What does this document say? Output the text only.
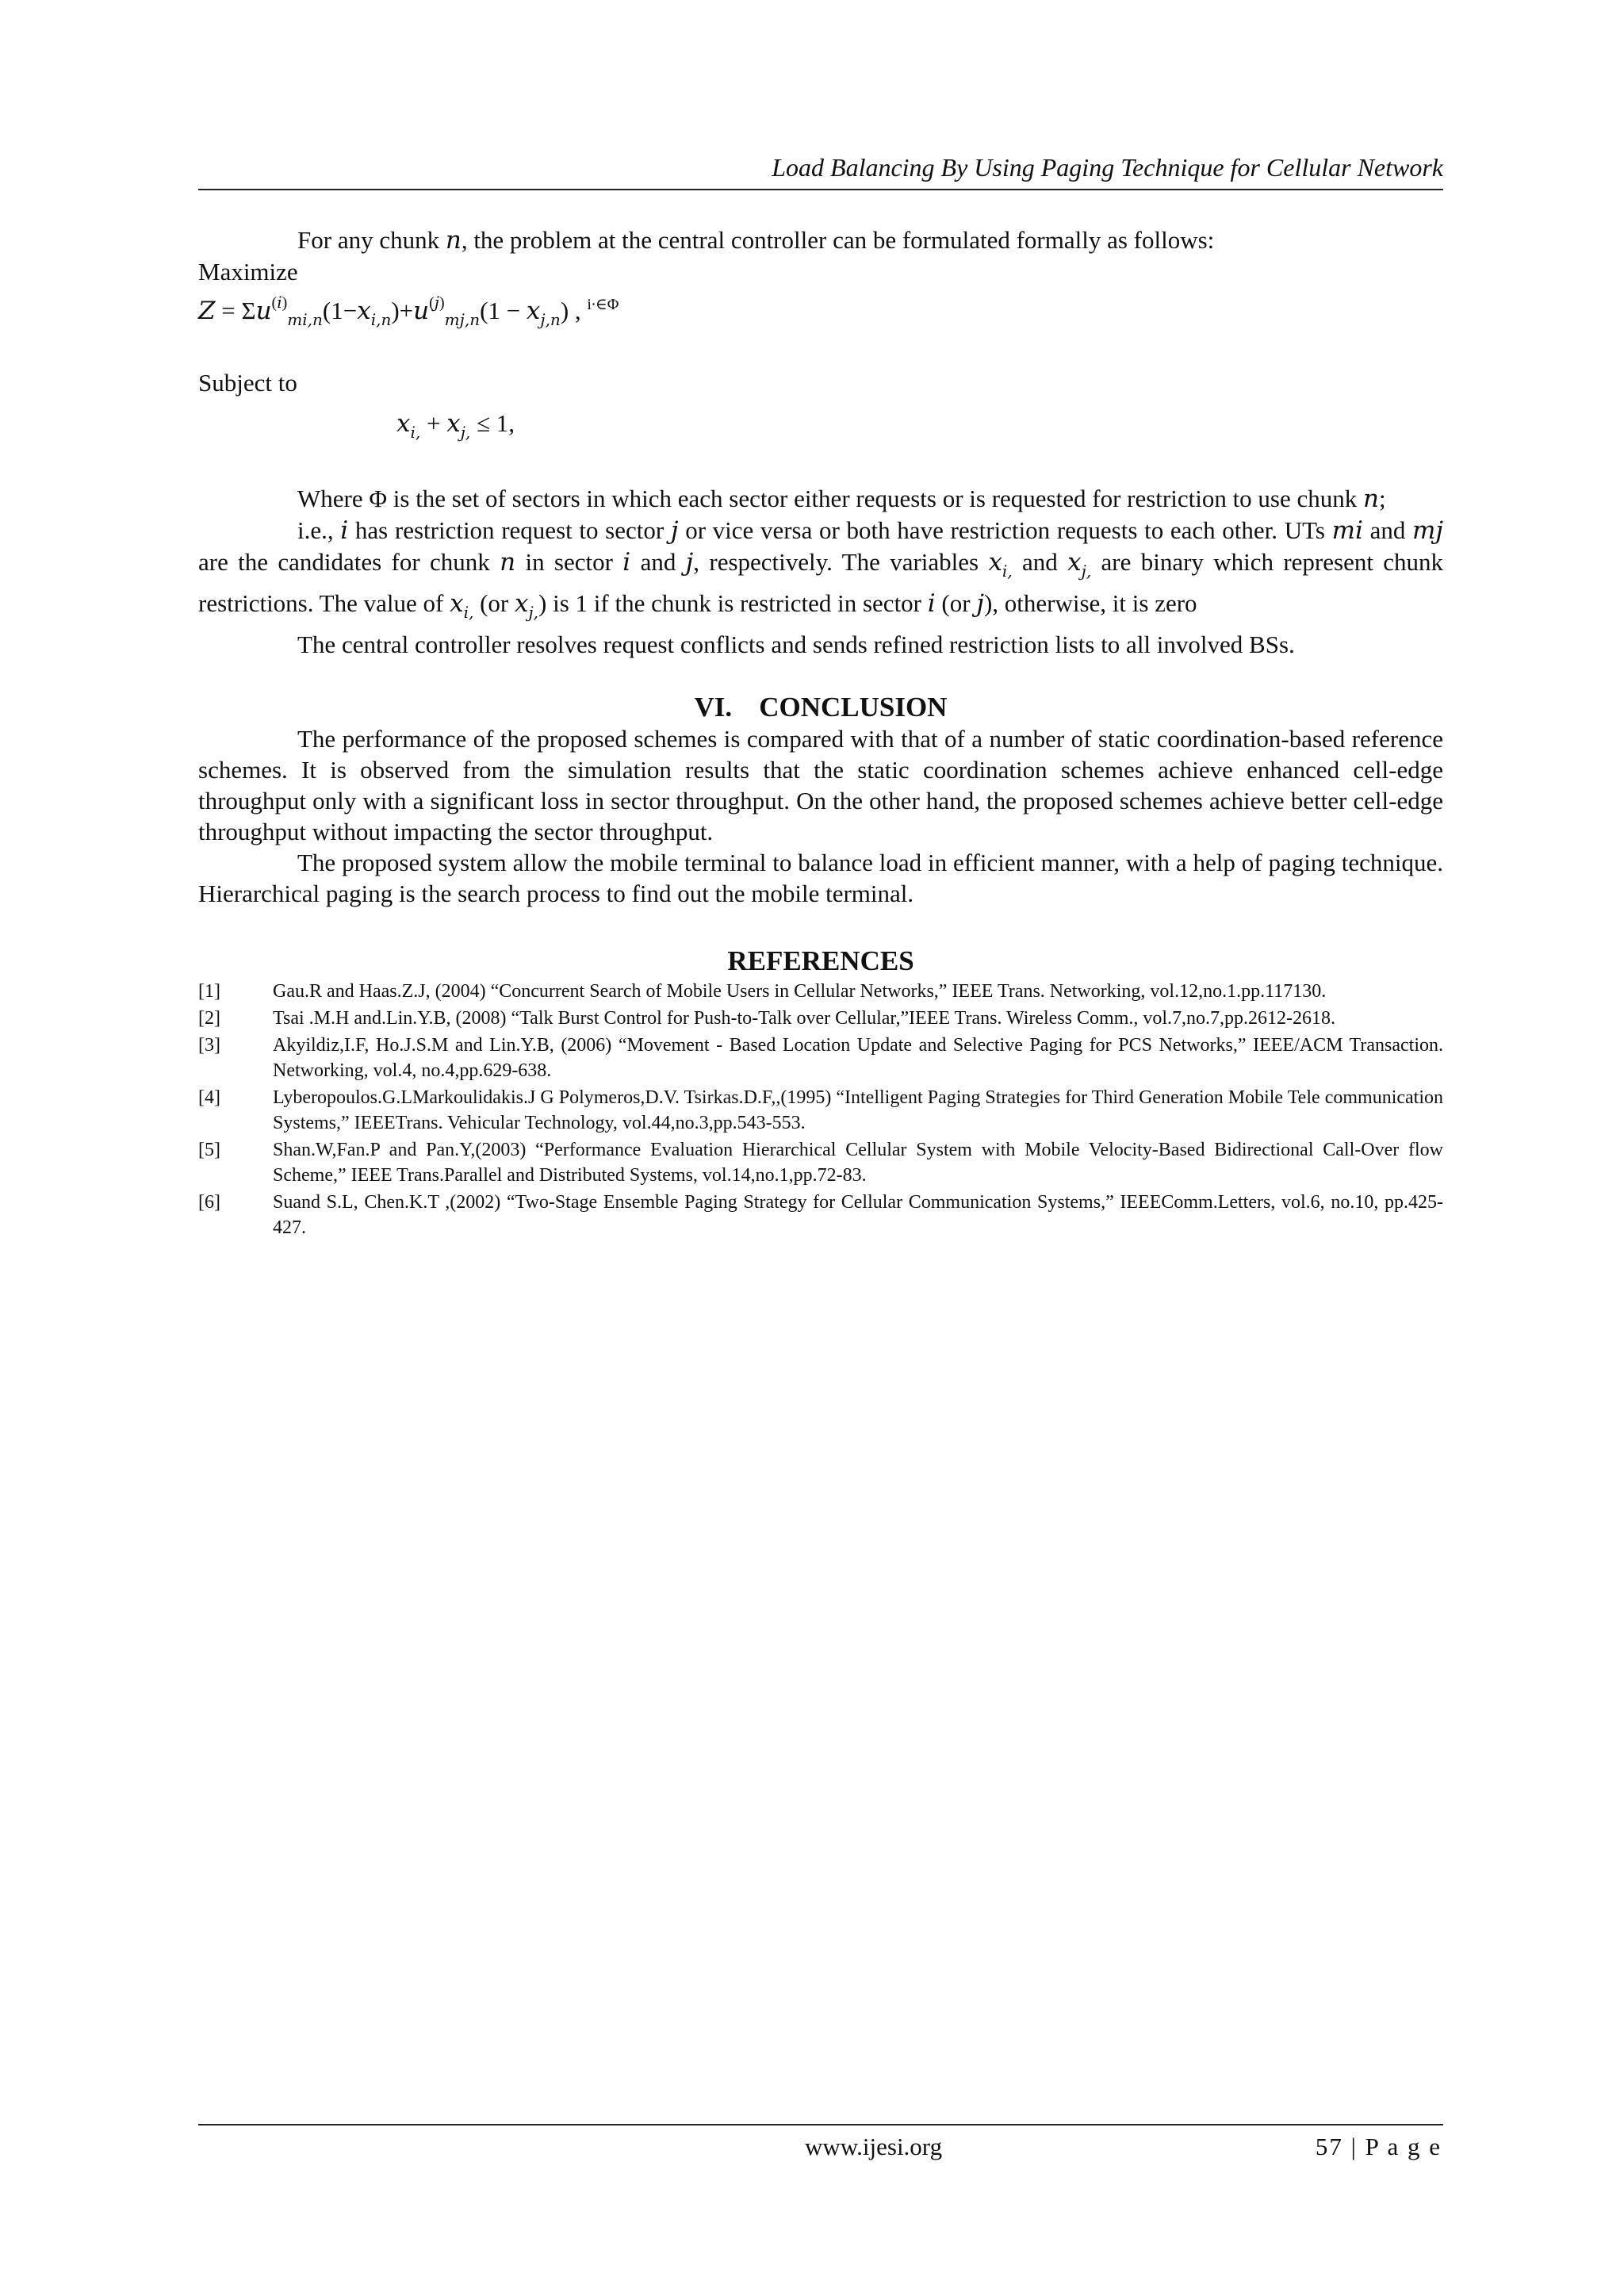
Load Balancing By Using Paging Technique for Cellular Network

For any chunk n, the problem at the central controller can be formulated formally as follows:

Maximize

$Z = \Sigma u^{(i)}_{mi,n}(1-x_{i,n})+u^{(j)}_{mj,n}(1 - x_{j,n})$ , $^{i\cdot\in\Phi}$

Subject to

$x_{i,} + x_{j,} \le 1$,

Where Φ is the set of sectors in which each sector either requests or is requested for restriction to use chunk n;

i.e., i has restriction request to sector j or vice versa or both have restriction requests to each other. UTs mi and mj are the candidates for chunk n in sector i and j, respectively. The variables $x_{i,}$ and $x_{j,}$ are binary which represent chunk restrictions. The value of $x_{i,}$ (or $x_{j,}$) is 1 if the chunk is restricted in sector i (or j), otherwise, it is zero

The central controller resolves request conflicts and sends refined restriction lists to all involved BSs.

VI. CONCLUSION

The performance of the proposed schemes is compared with that of a number of static coordination-based reference schemes. It is observed from the simulation results that the static coordination schemes achieve enhanced cell-edge throughput only with a significant loss in sector throughput. On the other hand, the proposed schemes achieve better cell-edge throughput without impacting the sector throughput.

The proposed system allow the mobile terminal to balance load in efficient manner, with a help of paging technique. Hierarchical paging is the search process to find out the mobile terminal.

REFERENCES
[1]	Gau.R and Haas.Z.J, (2004) “Concurrent Search of Mobile Users in Cellular Networks,” IEEE Trans. Networking, vol.12,no.1.pp.117130.
[2]	Tsai .M.H and.Lin.Y.B, (2008) “Talk Burst Control for Push-to-Talk over Cellular,”IEEE Trans. Wireless Comm., vol.7,no.7,pp.2612-2618.
[3]	Akyildiz,I.F, Ho.J.S.M and Lin.Y.B, (2006) “Movement - Based Location Update and Selective Paging for PCS Networks,” IEEE/ACM Transaction. Networking, vol.4, no.4,pp.629-638.
[4]	Lyberopoulos.G.LMarkoulidakis.J G Polymeros,D.V. Tsirkas.D.F,,(1995) “Intelligent Paging Strategies for Third Generation Mobile Tele communication Systems,” IEEETrans. Vehicular Technology, vol.44,no.3,pp.543-553.
[5]	Shan.W,Fan.P and Pan.Y,(2003) “Performance Evaluation Hierarchical Cellular System with Mobile Velocity-Based Bidirectional Call-Over flow Scheme,” IEEE Trans.Parallel and Distributed Systems, vol.14,no.1,pp.72-83.
[6]	Suand S.L, Chen.K.T ,(2002) “Two-Stage Ensemble Paging Strategy for Cellular Communication Systems,” IEEEComm.Letters, vol.6, no.10, pp.425-427.
www.ijesi.org	57 | P a g e
